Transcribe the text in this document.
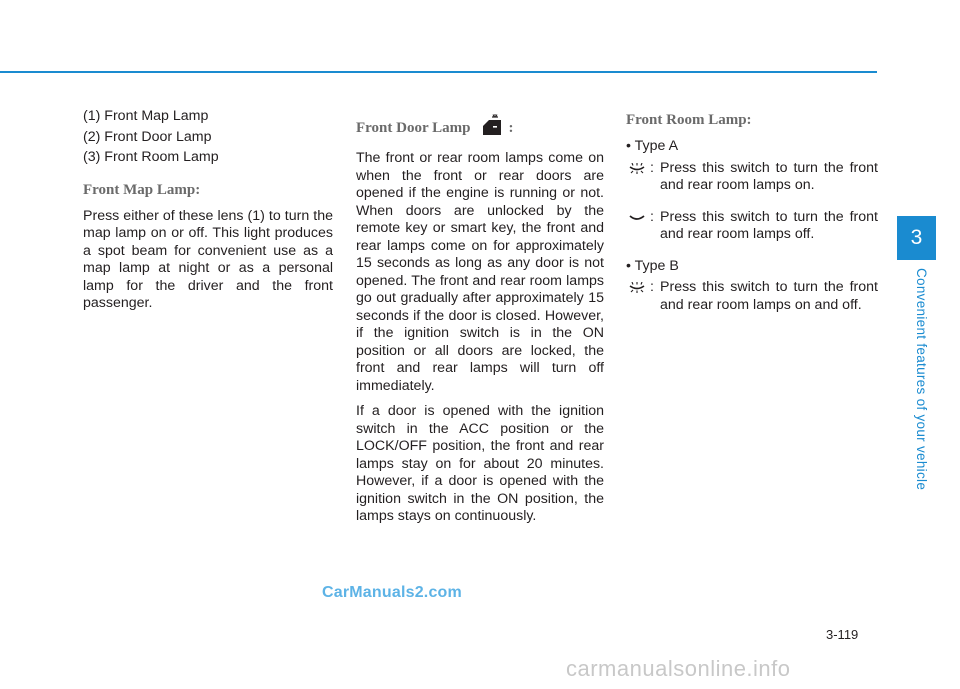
(1) Front Map Lamp
(2) Front Door Lamp
(3) Front Room Lamp
Front Map Lamp:
Press either of these lens (1) to turn the map lamp on or off. This light produces a spot beam for convenient use as a map lamp at night or as a personal lamp for the driver and the front passenger.
Front Door Lamp	:
The front or rear room lamps come on when the front or rear doors are opened if the engine is running or not. When doors are unlocked by the remote key or smart key, the front and rear lamps come on for approximately 15 seconds as long as any door is not opened. The front and rear room lamps go out gradually after approximately 15 seconds if the door is closed. However, if the ignition switch is in the ON position or all doors are locked, the front and rear lamps will turn off immediately.
If a door is opened with the ignition switch in the ACC position or the LOCK/OFF position, the front and rear lamps stay on for about 20 minutes. However, if a door is opened with the ignition switch in the ON position, the lamps stays on continuously.
Front Room Lamp:
• Type A
: Press this switch to turn the front and rear room lamps on.
: Press this switch to turn the front and rear room lamps off.
• Type B
: Press this switch to turn the front and rear room lamps on and off.
3
Convenient features of your vehicle
3-119
CarManuals2.com
carmanualsonline.info
